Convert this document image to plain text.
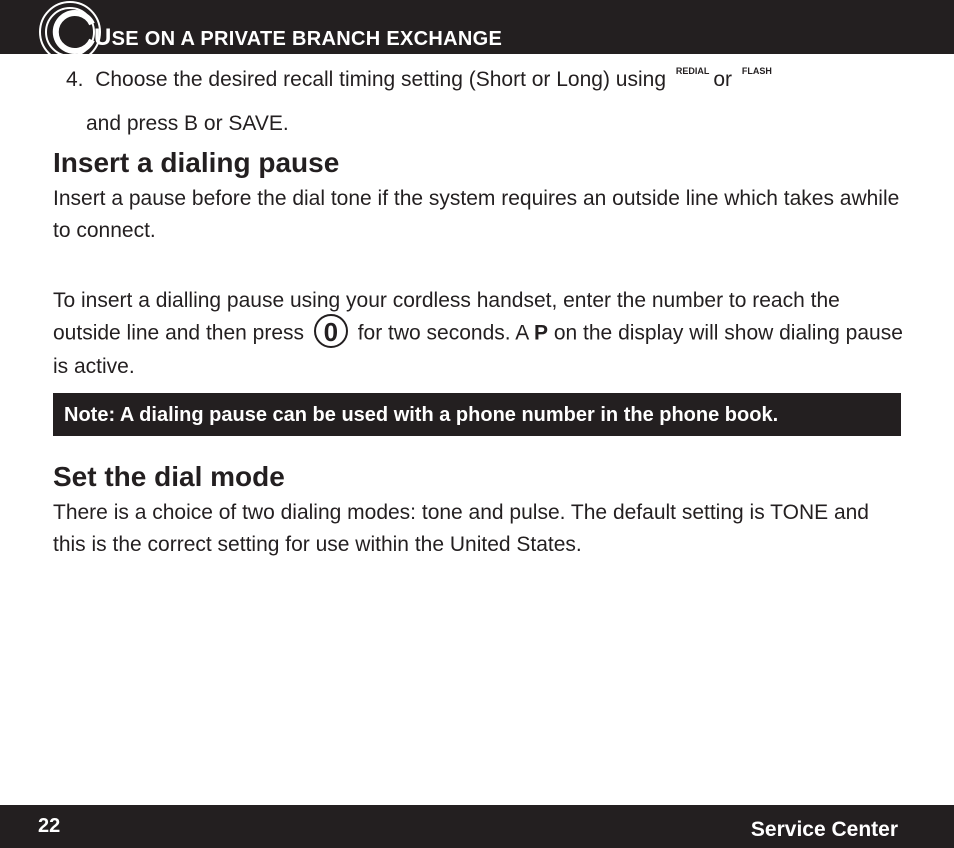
USE ON A PRIVATE BRANCH EXCHANGE
4. Choose the desired recall timing setting (Short or Long) using $^{REDIAL}$ or $^{FLASH}$
and press B or SAVE.
Insert a dialing pause

Insert a pause before the dial tone if the system requires an outside line which takes awhile to connect.

To insert a dialling pause using your cordless handset, enter the number to reach the outside line and then press 0 for two seconds. A P on the display will show dialing pause is active.

Note: A dialing pause can be used with a phone number in the phone book.
Set the dial mode

There is a choice of two dialing modes: tone and pulse. The default setting is TONE and this is the correct setting for use within the United States.

22	Service Center
